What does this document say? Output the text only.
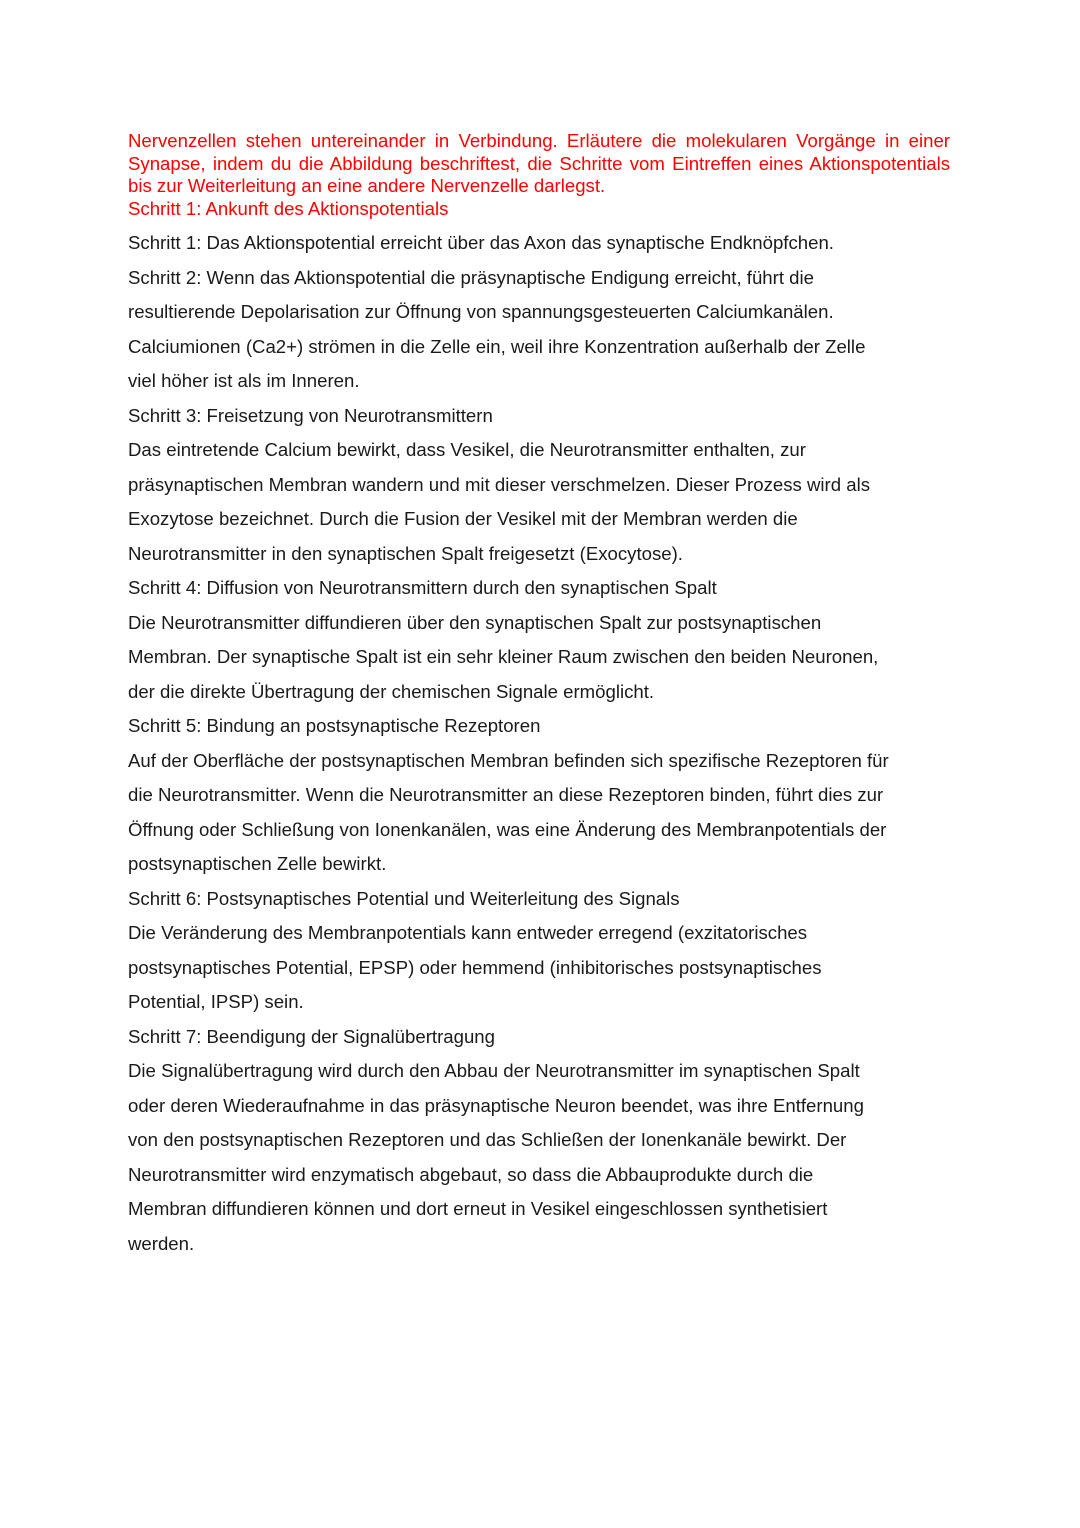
Nervenzellen stehen untereinander in Verbindung. Erläutere die molekularen Vorgänge in einer Synapse, indem du die Abbildung beschriftest, die Schritte vom Eintreffen eines Aktionspotentials bis zur Weiterleitung an eine andere Nervenzelle darlegst.

Schritt 1: Ankunft des Aktionspotentials

Schritt 1: Das Aktionspotential erreicht über das Axon das synaptische Endknöpfchen.

Schritt 2: Wenn das Aktionspotential die präsynaptische Endigung erreicht, führt die

resultierende Depolarisation zur Öffnung von spannungsgesteuerten Calciumkanälen.

Calciumionen (Ca2+) strömen in die Zelle ein, weil ihre Konzentration außerhalb der Zelle

viel höher ist als im Inneren.

Schritt 3: Freisetzung von Neurotransmittern

Das eintretende Calcium bewirkt, dass Vesikel, die Neurotransmitter enthalten, zur

präsynaptischen Membran wandern und mit dieser verschmelzen. Dieser Prozess wird als

Exozytose bezeichnet. Durch die Fusion der Vesikel mit der Membran werden die

Neurotransmitter in den synaptischen Spalt freigesetzt (Exocytose).

Schritt 4: Diffusion von Neurotransmittern durch den synaptischen Spalt

Die Neurotransmitter diffundieren über den synaptischen Spalt zur postsynaptischen

Membran. Der synaptische Spalt ist ein sehr kleiner Raum zwischen den beiden Neuronen,

der die direkte Übertragung der chemischen Signale ermöglicht.

Schritt 5: Bindung an postsynaptische Rezeptoren

Auf der Oberfläche der postsynaptischen Membran befinden sich spezifische Rezeptoren für

die Neurotransmitter. Wenn die Neurotransmitter an diese Rezeptoren binden, führt dies zur

Öffnung oder Schließung von Ionenkanälen, was eine Änderung des Membranpotentials der

postsynaptischen Zelle bewirkt.

Schritt 6: Postsynaptisches Potential und Weiterleitung des Signals

Die Veränderung des Membranpotentials kann entweder erregend (exzitatorisches

postsynaptisches Potential, EPSP) oder hemmend (inhibitorisches postsynaptisches

Potential, IPSP) sein.

Schritt 7: Beendigung der Signalübertragung

Die Signalübertragung wird durch den Abbau der Neurotransmitter im synaptischen Spalt

oder deren Wiederaufnahme in das präsynaptische Neuron beendet, was ihre Entfernung

von den postsynaptischen Rezeptoren und das Schließen der Ionenkanäle bewirkt. Der

Neurotransmitter wird enzymatisch abgebaut, so dass die Abbauprodukte durch die

Membran diffundieren können und dort erneut in Vesikel eingeschlossen synthetisiert

werden.
